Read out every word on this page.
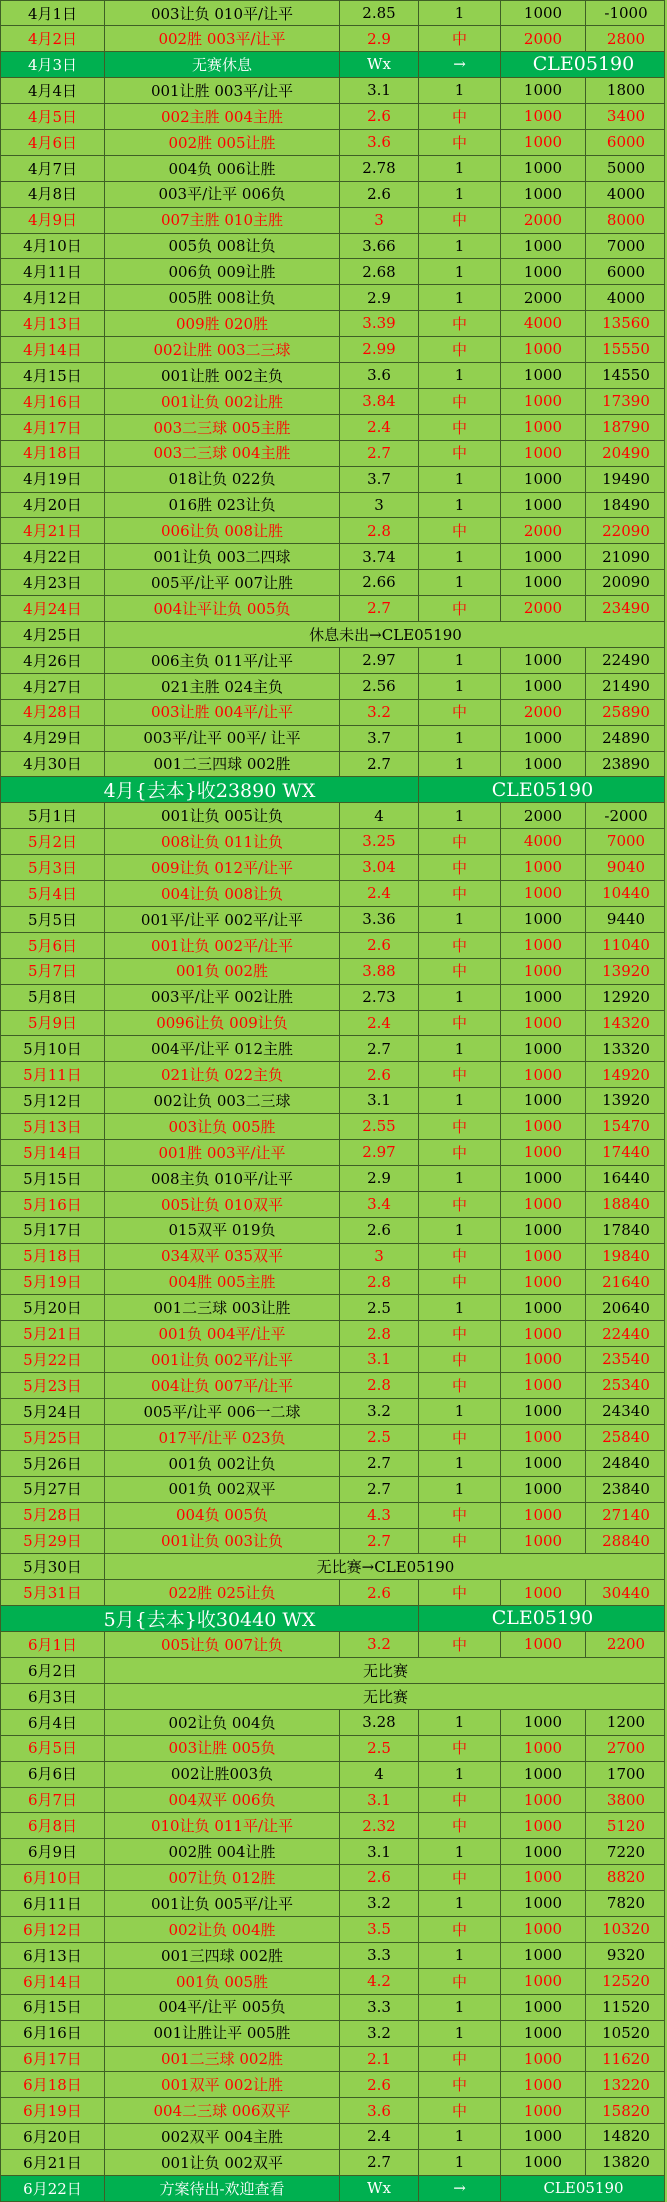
4月1日	003让负 010平/让平	2.85	1	1000	-1000
4月2日	002胜 003平/让平	2.9	中	2000	2800
4月3日	无赛休息	Wx	→	CLE05190
4月4日	001让胜 003平/让平	3.1	1	1000	1800
4月5日	002主胜 004主胜	2.6	中	1000	3400
4月6日	002胜 005让胜	3.6	中	1000	6000
4月7日	004负 006让胜	2.78	1	1000	5000
4月8日	003平/让平 006负	2.6	1	1000	4000
4月9日	007主胜 010主胜	3	中	2000	8000
4月10日	005负 008让负	3.66	1	1000	7000
4月11日	006负 009让胜	2.68	1	1000	6000
4月12日	005胜 008让负	2.9	1	2000	4000
4月13日	009胜 020胜	3.39	中	4000	13560
4月14日	002让胜 003二三球	2.99	中	1000	15550
4月15日	001让胜 002主负	3.6	1	1000	14550
4月16日	001让负 002让胜	3.84	中	1000	17390
4月17日	003二三球 005主胜	2.4	中	1000	18790
4月18日	003二三球 004主胜	2.7	中	1000	20490
4月19日	018让负 022负	3.7	1	1000	19490
4月20日	016胜 023让负	3	1	1000	18490
4月21日	006让负 008让胜	2.8	中	2000	22090
4月22日	001让负 003二四球	3.74	1	1000	21090
4月23日	005平/让平 007让胜	2.66	1	1000	20090
4月24日	004让平让负 005负	2.7	中	2000	23490
4月25日	休息未出→CLE05190
4月26日	006主负 011平/让平	2.97	1	1000	22490
4月27日	021主胜 024主负	2.56	1	1000	21490
4月28日	003让胜 004平/让平	3.2	中	2000	25890
4月29日	003平/让平 00平/ 让平	3.7	1	1000	24890
4月30日	001二三四球 002胜	2.7	1	1000	23890
4月{去本}收23890 WX	CLE05190
5月1日	001让负 005让负	4	1	2000	-2000
5月2日	008让负 011让负	3.25	中	4000	7000
5月3日	009让负 012平/让平	3.04	中	1000	9040
5月4日	004让负 008让负	2.4	中	1000	10440
5月5日	001平/让平 002平/让平	3.36	1	1000	9440
5月6日	001让负 002平/让平	2.6	中	1000	11040
5月7日	001负 002胜	3.88	中	1000	13920
5月8日	003平/让平 002让胜	2.73	1	1000	12920
5月9日	0096让负 009让负	2.4	中	1000	14320
5月10日	004平/让平 012主胜	2.7	1	1000	13320
5月11日	021让负 022主负	2.6	中	1000	14920
5月12日	002让负 003二三球	3.1	1	1000	13920
5月13日	003让负 005胜	2.55	中	1000	15470
5月14日	001胜 003平/让平	2.97	中	1000	17440
5月15日	008主负 010平/让平	2.9	1	1000	16440
5月16日	005让负 010双平	3.4	中	1000	18840
5月17日	015双平 019负	2.6	1	1000	17840
5月18日	034双平 035双平	3	中	1000	19840
5月19日	004胜 005主胜	2.8	中	1000	21640
5月20日	001二三球 003让胜	2.5	1	1000	20640
5月21日	001负 004平/让平	2.8	中	1000	22440
5月22日	001让负 002平/让平	3.1	中	1000	23540
5月23日	004让负 007平/让平	2.8	中	1000	25340
5月24日	005平/让平 006一二球	3.2	1	1000	24340
5月25日	017平/让平 023负	2.5	中	1000	25840
5月26日	001负 002让负	2.7	1	1000	24840
5月27日	001负 002双平	2.7	1	1000	23840
5月28日	004负 005负	4.3	中	1000	27140
5月29日	001让负 003让负	2.7	中	1000	28840
5月30日	无比赛→CLE05190
5月31日	022胜 025让负	2.6	中	1000	30440
5月{去本}收30440 WX	CLE05190
6月1日	005让负 007让负	3.2	中	1000	2200
6月2日	无比赛
6月3日	无比赛
6月4日	002让负 004负	3.28	1	1000	1200
6月5日	003让胜 005负	2.5	中	1000	2700
6月6日	002让胜003负	4	1	1000	1700
6月7日	004双平 006负	3.1	中	1000	3800
6月8日	010让负 011平/让平	2.32	中	1000	5120
6月9日	002胜 004让胜	3.1	1	1000	7220
6月10日	007让负 012胜	2.6	中	1000	8820
6月11日	001让负 005平/让平	3.2	1	1000	7820
6月12日	002让负 004胜	3.5	中	1000	10320
6月13日	001三四球 002胜	3.3	1	1000	9320
6月14日	001负 005胜	4.2	中	1000	12520
6月15日	004平/让平 005负	3.3	1	1000	11520
6月16日	001让胜让平 005胜	3.2	1	1000	10520
6月17日	001二三球 002胜	2.1	中	1000	11620
6月18日	001双平 002让胜	2.6	中	1000	13220
6月19日	004二三球 006双平	3.6	中	1000	15820
6月20日	002双平 004主胜	2.4	1	1000	14820
6月21日	001让负 002双平	2.7	1	1000	13820
6月22日	方案待出-欢迎查看	Wx	→	CLE05190
